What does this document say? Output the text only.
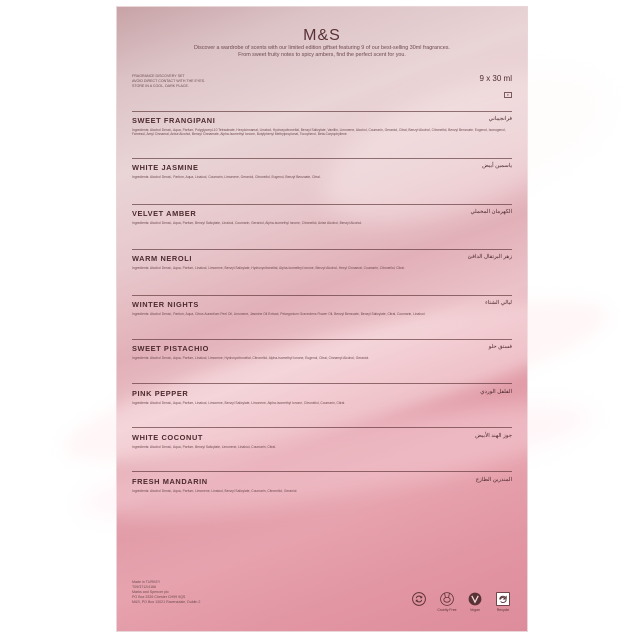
M&S
Discover a wardrobe of scents with our limited edition giftset featuring 9 of our best-selling 30ml fragrances.
From sweet fruity notes to spicy ambers, find the perfect scent for you.
FRAGRANCE DISCOVERY SET
AVOID DIRECT CONTACT WITH THE EYES.
STORE IN A COOL, DARK PLACE.
9 x 30 ml
e
SWEET FRANGIPANI	فرانجيباني
Ingredients: Alcohol Denat., Aqua, Parfum, Polyglyceryl-10 Tetraoleate, Hexylcinnamal, Linalool, Hydroxycitronellal, Benzyl Salicylate, Vanillin, Limonene, Alcohol, Coumarin, Geraniol, Citral, Benzyl Alcohol, Citronellol, Benzyl Benzoate, Eugenol, Isoeugenol, Farnesol, Amyl Cinnamal, Anise Alcohol, Benzyl Cinnamate, Alpha-Isomethyl Ionone, Butylphenyl Methylpropional, Tocopherol, Beta-Caryophyllene
WHITE JASMINE	ياسمين أبيض
Ingredients: Alcohol Denat., Parfum, Aqua, Linalool, Coumarin, Limonene, Geraniol, Citronellol, Eugenol, Benzyl Benzoate, Citral.
VELVET AMBER	الكهرمان المخملي
Ingredients: Alcohol Denat., Aqua, Parfum, Benzyl Salicylate, Linalool, Coumarin, Geraniol, Alpha-Isomethyl Ionone, Citronellol, Anise Alcohol, Benzyl Alcohol.
WARM NEROLI	زهر البرتقال الدافئ
Ingredients: Alcohol Denat., Aqua, Parfum, Linalool, Limonene, Benzyl Salicylate, Hydroxycitronellal, Alpha-Isomethyl Ionone, Benzyl Alcohol, Hexyl Cinnamal, Coumarin, Citronellol, Citral.
WINTER NIGHTS	ليالي الشتاء
Ingredients: Alcohol Denat., Parfum, Aqua, Citrus Aurantium Peel Oil, Limonene, Jasmine Oil Extract, Pelargonium Graveolens Flower Oil, Benzyl Benzoate, Benzyl Salicylate, Citral, Coumarin, Linalool.
SWEET PISTACHIO	فستق حلو
Ingredients: Alcohol Denat., Aqua, Parfum, Linalool, Limonene, Hydroxycitronellal, Citronellol, Alpha-Isomethyl Ionone, Eugenol, Citral, Cinnamyl Alcohol, Geraniol.
PINK PEPPER	الفلفل الوردي
Ingredients: Alcohol Denat., Aqua, Parfum, Linalool, Limonene, Benzyl Salicylate, Limonene, Alpha-Isomethyl Ionone, Citronellol, Coumarin, Citral.
WHITE COCONUT	جوز الهند الأبيض
Ingredients: Alcohol Denat., Aqua, Parfum, Benzyl Salicylate, Limonene, Linalool, Coumarin, Citral.
FRESH MANDARIN	المندرين الطازج
Ingredients: Alcohol Denat., Aqua, Parfum, Limonene, Linalool, Benzyl Salicylate, Coumarin, Citronellol, Geraniol.
Made in TURKEY
T09/3712/4166
Marks and Spencer plc
PO Box 3339 Chester CH99 9QS
M&S, PO Box 13021 Ravensdale, Dublin 2
Cruelty Free	Vegan	Recycle
